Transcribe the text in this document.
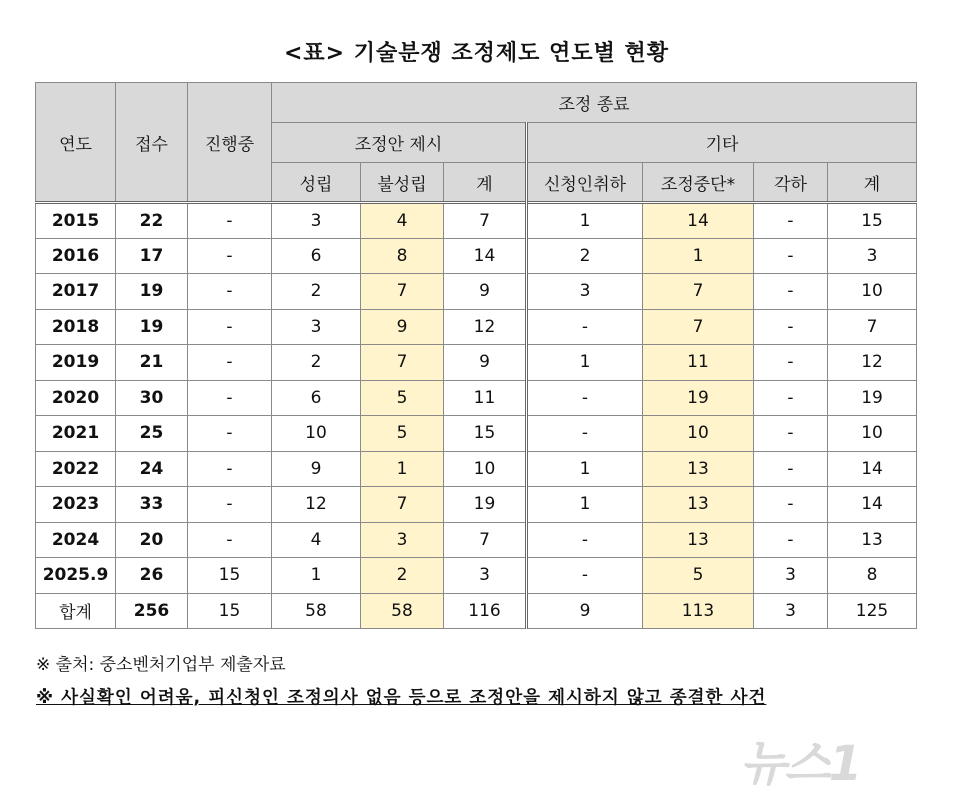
<표> 기술분쟁 조정제도 연도별 현황
연도	접수	진행중	조정 종료						
			조정안 제시			기타			
			성립	불성립	계	신청인취하	조정중단*	각하	계
2015	22	-	3	4	7	1	14	-	15
2016	17	-	6	8	14	2	1	-	3
2017	19	-	2	7	9	3	7	-	10
2018	19	-	3	9	12	-	7	-	7
2019	21	-	2	7	9	1	11	-	12
2020	30	-	6	5	11	-	19	-	19
2021	25	-	10	5	15	-	10	-	10
2022	24	-	9	1	10	1	13	-	14
2023	33	-	12	7	19	1	13	-	14
2024	20	-	4	3	7	-	13	-	13
2025.9	26	15	1	2	3	-	5	3	8
합계	256	15	58	58	116	9	113	3	125
※ 출처: 중소벤처기업부 제출자료
※ 사실확인 어려움, 피신청인 조정의사 없음 등으로 조정안을 제시하지 않고 종결한 사건
뉴스1
